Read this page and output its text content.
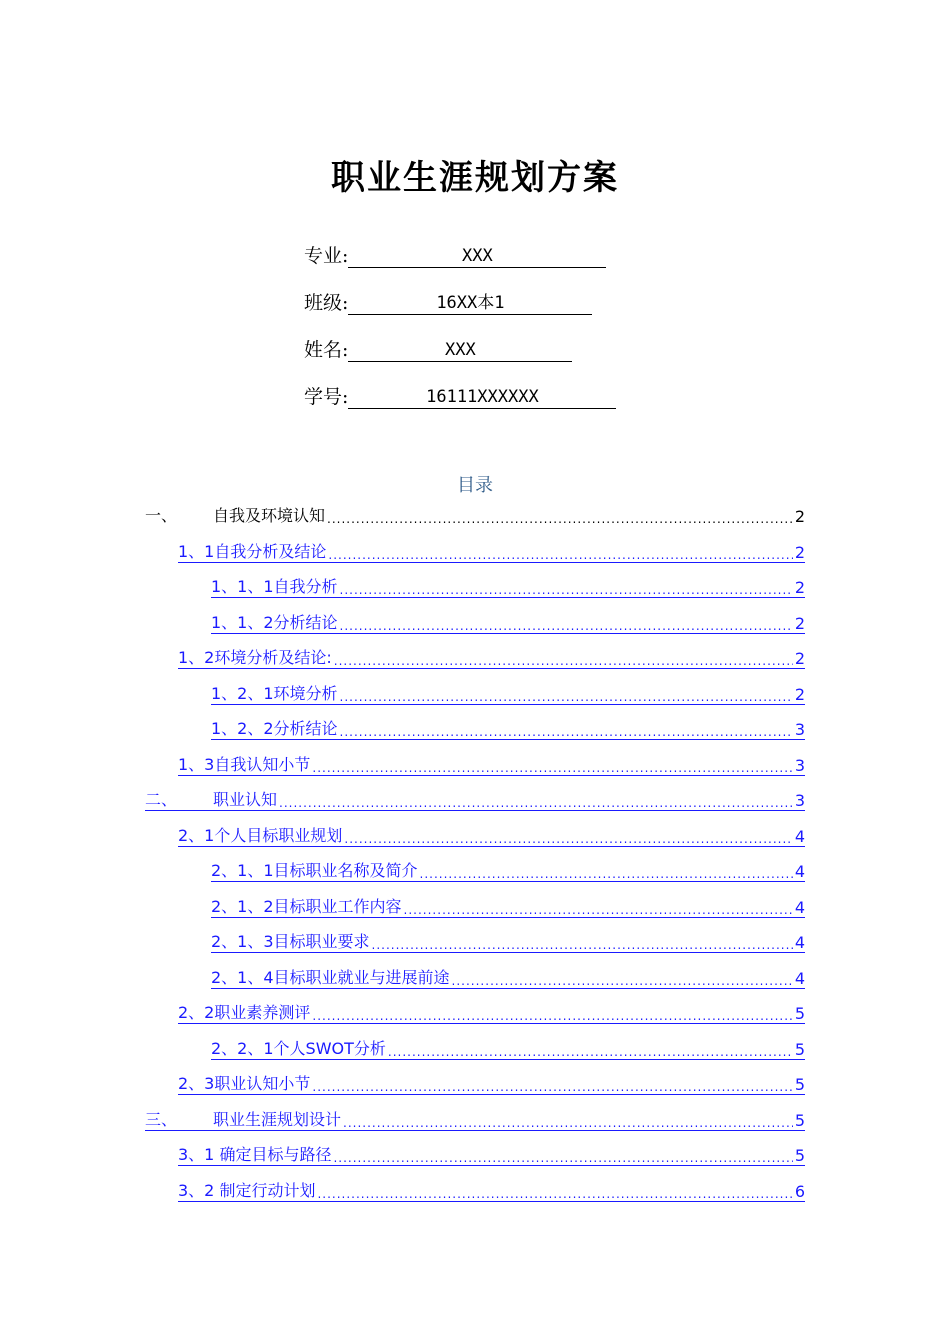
职业生涯规划方案
专业:	XXX
班级:	16XX本1
姓名:	XXX
学号:	16111XXXXXX
目录
一、	自我及环境认知 .....	2
1、1自我分析及结论 .....	2
1、1、1自我分析 .....	2
1、1、2分析结论 .....	2
1、2环境分析及结论: .....	2
1、2、1环境分析 .....	2
1、2、2分析结论 .....	3
1、3自我认知小节 .....	3
二、	职业认知 .....	3
2、1个人目标职业规划 .....	4
2、1、1目标职业名称及简介 .....	4
2、1、2目标职业工作内容 .....	4
2、1、3目标职业要求 .....	4
2、1、4目标职业就业与进展前途 .....	4
2、2职业素养测评 .....	5
2、2、1个人SWOT分析 .....	5
2、3职业认知小节 .....	5
三、	职业生涯规划设计 .....	5
3、1 确定目标与路径 .....	5
3、2 制定行动计划 .....	6
